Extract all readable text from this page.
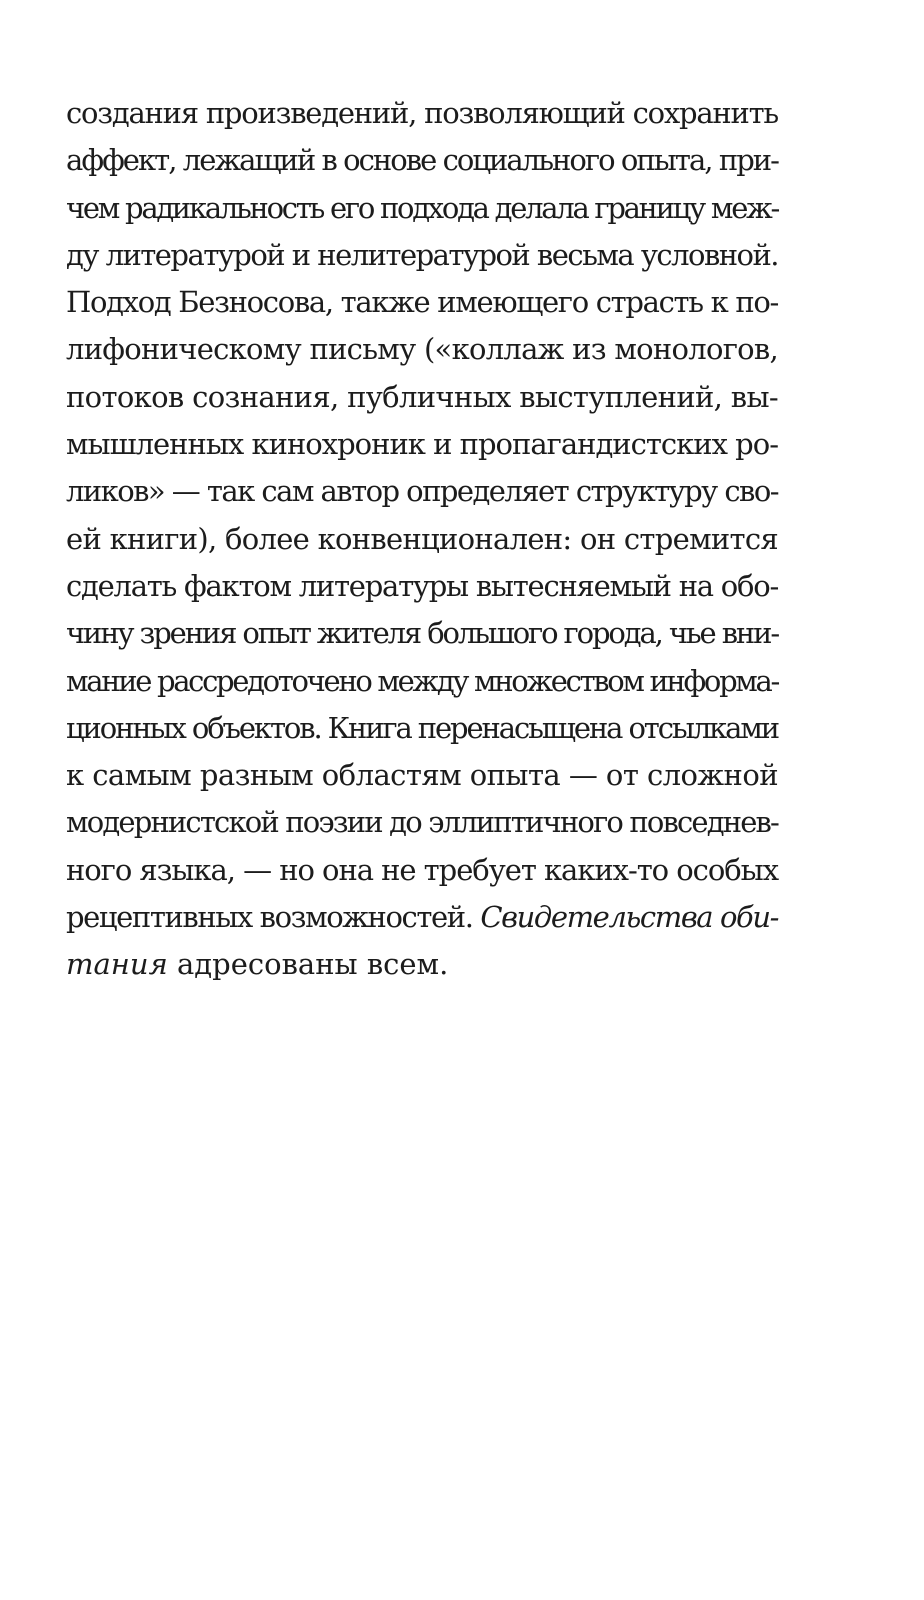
создания произведений, позволяющий сохранить
аффект, лежащий в основе социального опыта, при-
чем радикальность его подхода делала границу меж-
ду литературой и нелитературой весьма условной.
Подход Безносова, также имеющего страсть к по-
лифоническому письму («коллаж из монологов,
потоков сознания, публичных выступлений, вы-
мышленных кинохроник и пропагандистских ро-
ликов» — так сам автор определяет структуру сво-
ей книги), более конвенционален: он стремится
сделать фактом литературы вытесняемый на обо-
чину зрения опыт жителя большого города, чье вни-
мание рассредоточено между множеством информа-
ционных объектов. Книга перенасыщена отсылками
к самым разным областям опыта — от сложной
модернистской поэзии до эллиптичного повседнев-
ного языка, — но она не требует каких-то особых
рецептивных возможностей. Свидетельства оби-
тания адресованы всем.
